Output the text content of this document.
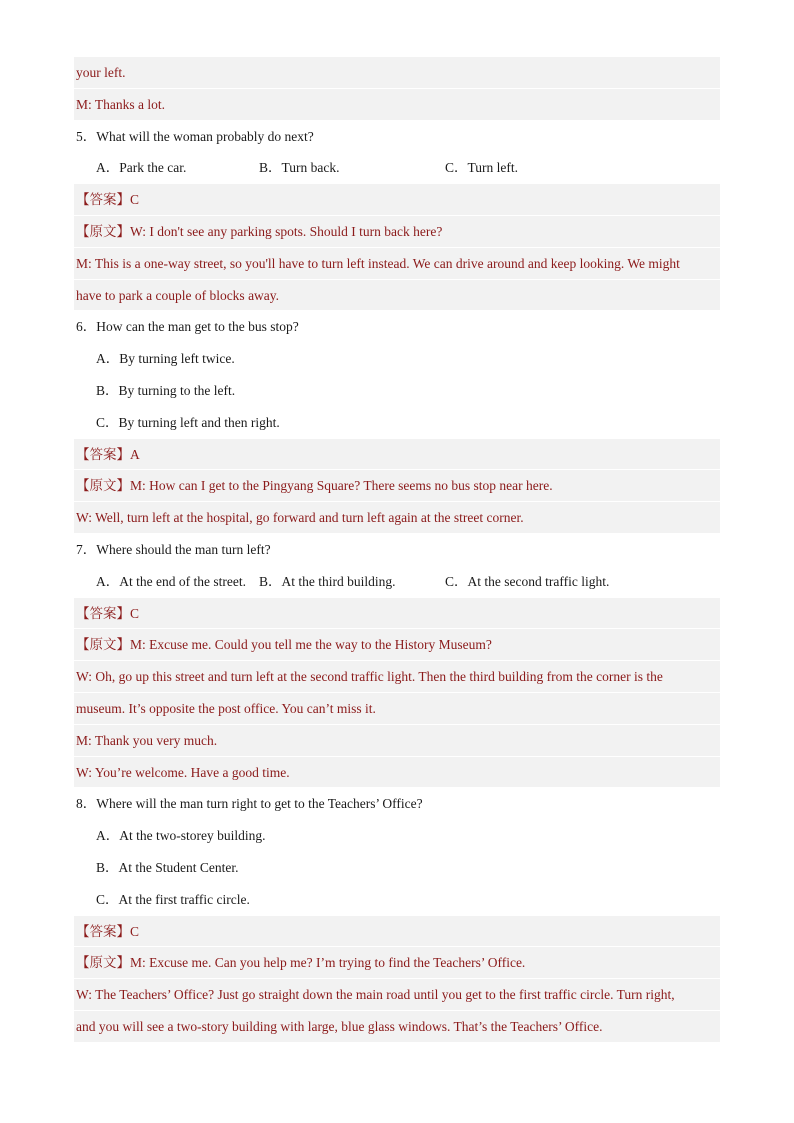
your left.
M: Thanks a lot.
5．What will the woman probably do next?
A．Park the car.	B．Turn back.	C．Turn left.
【答案】C
【原文】W: I don't see any parking spots. Should I turn back here?
M: This is a one-way street, so you'll have to turn left instead. We can drive around and keep looking. We might
have to park a couple of blocks away.
6．How can the man get to the bus stop?
A．By turning left twice.
B．By turning to the left.
C．By turning left and then right.
【答案】A
【原文】M: How can I get to the Pingyang Square? There seems no bus stop near here.
W: Well, turn left at the hospital, go forward and turn left again at the street corner.
7．Where should the man turn left?
A．At the end of the street. B．At the third building.	C．At the second traffic light.
【答案】C
【原文】M: Excuse me. Could you tell me the way to the History Museum?
W: Oh, go up this street and turn left at the second traffic light. Then the third building from the corner is the
museum. It’s opposite the post office. You can’t miss it.
M: Thank you very much.
W: You’re welcome. Have a good time.
8．Where will the man turn right to get to the Teachers’ Office?
A．At the two-storey building.
B．At the Student Center.
C．At the first traffic circle.
【答案】C
【原文】M: Excuse me. Can you help me? I’m trying to find the Teachers’ Office.
W: The Teachers’ Office? Just go straight down the main road until you get to the first traffic circle. Turn right,
and you will see a two-story building with large, blue glass windows. That’s the Teachers’ Office.
